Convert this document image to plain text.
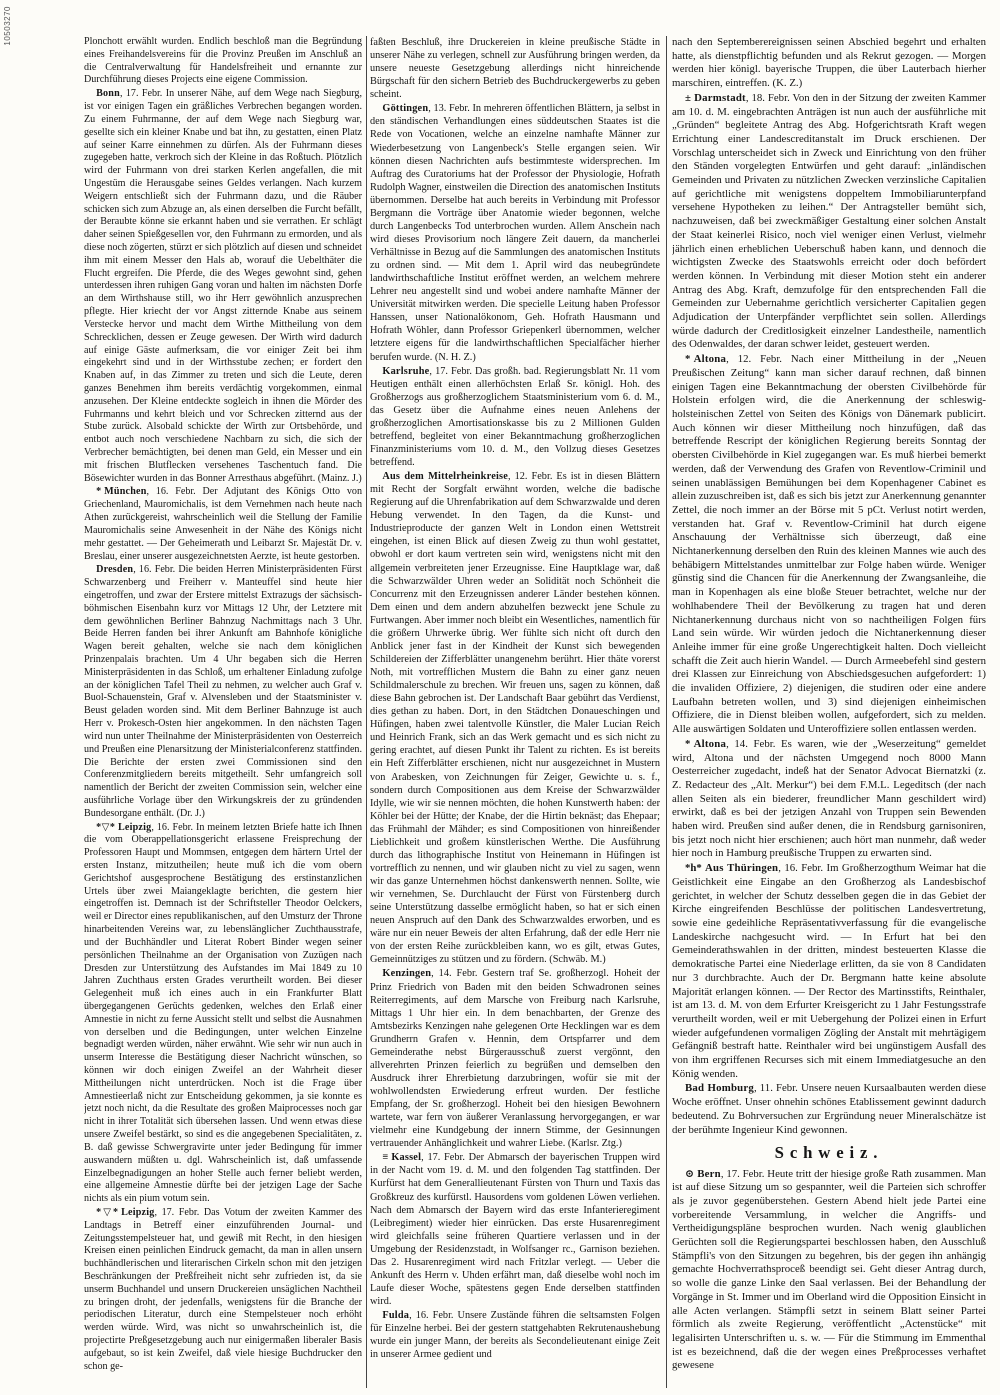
10503270	Plonchott erwählt wurden. Endlich beschloß man die Begründung eines Freihandelsvereins für die Provinz Preußen im Anschluß an die Centralverwaltung für Handelsfreiheit und ernannte zur Durchführung dieses Projects eine eigene Commission.

Bonn, 17. Febr. In unserer Nähe, auf dem Wege nach Siegburg, ist vor einigen Tagen ein gräßliches Verbrechen begangen worden. Zu einem Fuhrmanne, der auf dem Wege nach Siegburg war, gesellte sich ein kleiner Knabe und bat ihn, zu gestatten, einen Platz auf seiner Karre einnehmen zu dürfen. Als der Fuhrmann dieses zugegeben hatte, verkroch sich der Kleine in das Roßtuch. Plötzlich wird der Fuhrmann von drei starken Kerlen angefallen, die mit Ungestüm die Herausgabe seines Geldes verlangen. Nach kurzem Weigern entschließt sich der Fuhrmann dazu, und die Räuber schicken sich zum Abzuge an, als einen derselben die Furcht befällt, der Beraubte könne sie erkannt haben und sie verrathen. Er schlägt daher seinen Spießgesellen vor, den Fuhrmann zu ermorden, und als diese noch zögerten, stürzt er sich plötzlich auf diesen und schneidet ihm mit einem Messer den Hals ab, worauf die Uebelthäter die Flucht ergreifen. Die Pferde, die des Weges gewohnt sind, gehen unterdessen ihren ruhigen Gang voran und halten im nächsten Dorfe an dem Wirthshause still, wo ihr Herr gewöhnlich anzusprechen pflegte. Hier kriecht der vor Angst zitternde Knabe aus seinem Verstecke hervor und macht dem Wirthe Mittheilung von dem Schrecklichen, dessen er Zeuge gewesen. Der Wirth wird dadurch auf einige Gäste aufmerksam, die vor einiger Zeit bei ihm eingekehrt sind und in der Wirthsstube zechen; er fordert den Knaben auf, in das Zimmer zu treten und sich die Leute, deren ganzes Benehmen ihm bereits verdächtig vorgekommen, einmal anzusehen. Der Kleine entdeckte sogleich in ihnen die Mörder des Fuhrmanns und kehrt bleich und vor Schrecken zitternd aus der Stube zurück. Alsobald schickte der Wirth zur Ortsbehörde, und entbot auch noch verschiedene Nachbarn zu sich, die sich der Verbrecher bemächtigten, bei denen man Geld, ein Messer und ein mit frischen Blutflecken versehenes Taschentuch fand. Die Bösewichter wurden in das Bonner Arresthaus abgeführt. (Mainz. J.)

* München, 16. Febr. Der Adjutant des Königs Otto von Griechenland, Mauromichalis, ist dem Vernehmen nach heute nach Athen zurückgereist, wahrscheinlich weil die Stellung der Familie Mauromichalis seine Anwesenheit in der Nähe des Königs nicht mehr gestattet. — Der Geheimerath und Leibarzt Sr. Majestät Dr. v. Breslau, einer unserer ausgezeichnetsten Aerzte, ist heute gestorben.

Dresden, 16. Febr. Die beiden Herren Ministerpräsidenten Fürst Schwarzenberg und Freiherr v. Manteuffel sind heute hier eingetroffen, und zwar der Erstere mittelst Extrazugs der sächsisch-böhmischen Eisenbahn kurz vor Mittags 12 Uhr, der Letztere mit dem gewöhnlichen Berliner Bahnzug Nachmittags nach 3 Uhr. Beide Herren fanden bei ihrer Ankunft am Bahnhofe königliche Wagen bereit gehalten, welche sie nach dem königlichen Prinzenpalais brachten. Um 4 Uhr begaben sich die Herren Ministerpräsidenten in das Schloß, um erhaltener Einladung zufolge an der königlichen Tafel Theil zu nehmen, zu welcher auch Graf v. Buol-Schauenstein, Graf v. Alvensleben und der Staatsminister v. Beust geladen worden sind. Mit dem Berliner Bahnzuge ist auch Herr v. Prokesch-Osten hier angekommen. In den nächsten Tagen wird nun unter Theilnahme der Ministerpräsidenten von Oesterreich und Preußen eine Plenarsitzung der Ministerialconferenz stattfinden. Die Berichte der ersten zwei Commissionen sind den Conferenzmitgliedern bereits mitgetheilt. Sehr umfangreich soll namentlich der Bericht der zweiten Commission sein, welcher eine ausführliche Vorlage über den Wirkungskreis der zu gründenden Bundesorgane enthält. (Dr. J.)

*▽* Leipzig, 16. Febr. In meinem letzten Briefe hatte ich Ihnen die vom Oberappellationsgericht erlassene Freisprechung der Professoren Haupt und Mommsen, entgegen dem härtern Urtel der ersten Instanz, mitzutheilen; heute muß ich die vom obern Gerichtshof ausgesprochene Bestätigung des erstinstanzlichen Urtels über zwei Maiangeklagte berichten, die gestern hier eingetroffen ist. Demnach ist der Schriftsteller Theodor Oelckers, weil er Director eines republikanischen, auf den Umsturz der Throne hinarbeitenden Vereins war, zu lebenslänglicher Zuchthausstrafe, und der Buchhändler und Literat Robert Binder wegen seiner persönlichen Theilnahme an der Organisation von Zuzügen nach Dresden zur Unterstützung des Aufstandes im Mai 1849 zu 10 Jahren Zuchthaus ersten Grades verurtheilt worden. Bei dieser Gelegenheit muß ich eines auch in ein Frankfurter Blatt übergegangenen Gerüchts gedenken, welches den Erlaß einer Amnestie in nicht zu ferne Aussicht stellt und selbst die Ausnahmen von derselben und die Bedingungen, unter welchen Einzelne begnadigt werden würden, näher erwähnt. Wie sehr wir nun auch in unserm Interesse die Bestätigung dieser Nachricht wünschen, so können wir doch einigen Zweifel an der Wahrheit dieser Mittheilungen nicht unterdrücken. Noch ist die Frage über Amnestieerlaß nicht zur Entscheidung gekommen, ja sie konnte es jetzt noch nicht, da die Resultate des großen Maiprocesses noch gar nicht in ihrer Totalität sich übersehen lassen. Und wenn etwas diese unsere Zweifel bestärkt, so sind es die angegebenen Specialitäten, z. B. daß gewisse Schwergravirte unter jeder Bedingung für immer auswandern müßten u. dgl. Wahrscheinlich ist, daß umfassende Einzelbegnadigungen an hoher Stelle auch ferner beliebt werden, eine allgemeine Amnestie dürfte bei der jetzigen Lage der Sache nichts als ein pium votum sein.

*▽* Leipzig, 17. Febr. Das Votum der zweiten Kammer des Landtags in Betreff einer einzuführenden Journal- und Zeitungsstempelsteuer hat, und gewiß mit Recht, in den hiesigen Kreisen einen peinlichen Eindruck gemacht, da man in allen unsern buchhändlerischen und literarischen Cirkeln schon mit den jetzigen Beschränkungen der Preßfreiheit nicht sehr zufrieden ist, da sie unserm Buchhandel und unsern Druckereien unsäglichen Nachtheil zu bringen droht, der jedenfalls, wenigstens für die Branche der periodischen Literatur, durch eine Stempelsteuer noch erhöht werden würde. Wird, was nicht so unwahrscheinlich ist, die projectirte Preßgesetzgebung auch nur einigermaßen liberaler Basis aufgebaut, so ist kein Zweifel, daß viele hiesige Buchdrucker den schon ge-

faßten Beschluß, ihre Druckereien in kleine preußische Städte in unserer Nähe zu verlegen, schnell zur Ausführung bringen werden, da unsere neueste Gesetzgebung allerdings nicht hinreichende Bürgschaft für den sichern Betrieb des Buchdruckergewerbs zu geben scheint.

Göttingen, 13. Febr. In mehreren öffentlichen Blättern, ja selbst in den ständischen Verhandlungen eines süddeutschen Staates ist die Rede von Vocationen, welche an einzelne namhafte Männer zur Wiederbesetzung von Langenbeck's Stelle ergangen seien. Wir können diesen Nachrichten aufs bestimmteste widersprechen. Im Auftrag des Curatoriums hat der Professor der Physiologie, Hofrath Rudolph Wagner, einstweilen die Direction des anatomischen Instituts übernommen. Derselbe hat auch bereits in Verbindung mit Professor Bergmann die Vorträge über Anatomie wieder begonnen, welche durch Langenbecks Tod unterbrochen wurden. Allem Anschein nach wird dieses Provisorium noch längere Zeit dauern, da mancherlei Verhältnisse in Bezug auf die Sammlungen des anatomischen Instituts zu ordnen sind. — Mit dem 1. April wird das neubegründete landwirthschaftliche Institut eröffnet werden, an welchem mehrere Lehrer neu angestellt sind und wobei andere namhafte Männer der Universität mitwirken werden. Die specielle Leitung haben Professor Hanssen, unser Nationalökonom, Geh. Hofrath Hausmann und Hofrath Wöhler, dann Professor Griepenkerl übernommen, welcher letztere eigens für die landwirthschaftlichen Specialfächer hierher berufen wurde. (N. H. Z.)

Karlsruhe, 17. Febr. Das großh. bad. Regierungsblatt Nr. 11 vom Heutigen enthält einen allerhöchsten Erlaß Sr. königl. Hoh. des Großherzogs aus großherzoglichem Staatsministerium vom 6. d. M., das Gesetz über die Aufnahme eines neuen Anlehens der großherzoglichen Amortisationskasse bis zu 2 Millionen Gulden betreffend, begleitet von einer Bekanntmachung großherzoglichen Finanzministeriums vom 10. d. M., den Vollzug dieses Gesetzes betreffend.

Aus dem Mittelrheinkreise, 12. Febr. Es ist in diesen Blättern mit Recht der Sorgfalt erwähnt worden, welche die badische Regierung auf die Uhrenfabrikation auf dem Schwarzwalde und deren Hebung verwendet. In den Tagen, da die Kunst- und Industrieproducte der ganzen Welt in London einen Wettstreit eingehen, ist einen Blick auf diesen Zweig zu thun wohl gestattet, obwohl er dort kaum vertreten sein wird, wenigstens nicht mit den allgemein verbreiteten jener Erzeugnisse. Eine Hauptklage war, daß die Schwarzwälder Uhren weder an Solidität noch Schönheit die Concurrenz mit den Erzeugnissen anderer Länder bestehen können. Dem einen und dem andern abzuhelfen bezweckt jene Schule zu Furtwangen. Aber immer noch bleibt ein Wesentliches, namentlich für die größern Uhrwerke übrig. Wer fühlte sich nicht oft durch den Anblick jener fast in der Kindheit der Kunst sich bewegenden Schildereien der Zifferblätter unangenehm berührt. Hier thäte vorerst Noth, mit vortrefflichen Mustern die Bahn zu einer ganz neuen Schildmalerschule zu brechen. Wir freuen uns, sagen zu können, daß diese Bahn gebrochen ist. Der Landschaft Baar gebührt das Verdienst, dies gethan zu haben. Dort, in den Städtchen Donaueschingen und Hüfingen, haben zwei talentvolle Künstler, die Maler Lucian Reich und Heinrich Frank, sich an das Werk gemacht und es sich nicht zu gering erachtet, auf diesen Punkt ihr Talent zu richten. Es ist bereits ein Heft Zifferblätter erschienen, nicht nur ausgezeichnet in Mustern von Arabesken, von Zeichnungen für Zeiger, Gewichte u. s. f., sondern durch Compositionen aus dem Kreise der Schwarzwälder Idylle, wie wir sie nennen möchten, die hohen Kunstwerth haben: der Köhler bei der Hütte; der Knabe, der die Hirtin beknäst; das Ehepaar; das Frühmahl der Mähder; es sind Compositionen von hinreißender Lieblichkeit und großem künstlerischen Werthe. Die Ausführung durch das lithographische Institut von Heinemann in Hüfingen ist vortrefflich zu nennen, und wir glauben nicht zu viel zu sagen, wenn wir das ganze Unternehmen höchst dankenswerth nennen. Sollte, wie wir vernehmen, Se. Durchlaucht der Fürst von Fürstenberg durch seine Unterstützung dasselbe ermöglicht haben, so hat er sich einen neuen Anspruch auf den Dank des Schwarzwaldes erworben, und es wäre nur ein neuer Beweis der alten Erfahrung, daß der edle Herr nie von der ersten Reihe zurückbleiben kann, wo es gilt, etwas Gutes, Gemeinnütziges zu stützen und zu fördern. (Schwäb. M.)

Kenzingen, 14. Febr. Gestern traf Se. großherzogl. Hoheit der Prinz Friedrich von Baden mit den beiden Schwadronen seines Reiterregiments, auf dem Marsche von Freiburg nach Karlsruhe, Mittags 1 Uhr hier ein. In dem benachbarten, der Grenze des Amtsbezirks Kenzingen nahe gelegenen Orte Hecklingen war es dem Grundherrn Grafen v. Hennin, dem Ortspfarrer und dem Gemeinderathe nebst Bürgerausschuß zuerst vergönnt, den allverehrten Prinzen feierlich zu begrüßen und demselben den Ausdruck ihrer Ehrerbietung darzubringen, wofür sie mit der wohlwollendsten Erwiederung erfreut wurden. Der festliche Empfang, der Sr. großherzogl. Hoheit bei den hiesigen Bewohnern wartete, war fern von äußerer Veranlassung hervorgegangen, er war vielmehr eine Kundgebung der innern Stimme, der Gesinnungen vertrauender Anhänglichkeit und wahrer Liebe. (Karlsr. Ztg.)

≡ Kassel, 17. Febr. Der Abmarsch der bayerischen Truppen wird in der Nacht vom 19. d. M. und den folgenden Tag stattfinden. Der Kurfürst hat dem Generallieutenant Fürsten von Thurn und Taxis das Großkreuz des kurfürstl. Hausordens vom goldenen Löwen verliehen. Nach dem Abmarsch der Bayern wird das erste Infanterieregiment (Leibregiment) wieder hier einrücken. Das erste Husarenregiment wird gleichfalls seine früheren Quartiere verlassen und in der Umgebung der Residenzstadt, in Wolfsanger rc., Garnison beziehen. Das 2. Husarenregiment wird nach Fritzlar verlegt. — Ueber die Ankunft des Herrn v. Uhden erfährt man, daß dieselbe wohl noch im Laufe dieser Woche, spätestens gegen Ende derselben stattfinden wird.

Fulda, 16. Febr. Unsere Zustände führen die seltsamsten Folgen für Einzelne herbei. Bei der gestern stattgehabten Rekrutenaushebung wurde ein junger Mann, der bereits als Secondelieutenant einige Zeit in unserer Armee gedient und

nach den Septemberereignissen seinen Abschied begehrt und erhalten hatte, als dienstpflichtig befunden und als Rekrut gezogen. — Morgen werden hier königl. bayerische Truppen, die über Lauterbach hierher marschiren, eintreffen. (K. Z.)

± Darmstadt, 18. Febr. Von den in der Sitzung der zweiten Kammer am 10. d. M. eingebrachten Anträgen ist nun auch der ausführliche mit „Gründen“ begleitete Antrag des Abg. Hofgerichtsrath Kraft wegen Errichtung einer Landescreditanstalt im Druck erschienen. Der Vorschlag unterscheidet sich in Zweck und Einrichtung von den früher den Ständen vorgelegten Entwürfen und geht darauf: „inländischen Gemeinden und Privaten zu nützlichen Zwecken verzinsliche Capitalien auf gerichtliche mit wenigstens doppeltem Immobiliarunterpfand versehene Hypotheken zu leihen.“ Der Antragsteller bemüht sich, nachzuweisen, daß bei zweckmäßiger Gestaltung einer solchen Anstalt der Staat keinerlei Risico, noch viel weniger einen Verlust, vielmehr jährlich einen erheblichen Ueberschuß haben kann, und dennoch die wichtigsten Zwecke des Staatswohls erreicht oder doch befördert werden können. In Verbindung mit dieser Motion steht ein anderer Antrag des Abg. Kraft, demzufolge für den entsprechenden Fall die Gemeinden zur Uebernahme gerichtlich versicherter Capitalien gegen Adjudication der Unterpfänder verpflichtet sein sollen. Allerdings würde dadurch der Creditlosigkeit einzelner Landestheile, namentlich des Odenwaldes, der daran schwer leidet, gesteuert werden.

* Altona, 12. Febr. Nach einer Mittheilung in der „Neuen Preußischen Zeitung“ kann man sicher darauf rechnen, daß binnen einigen Tagen eine Bekanntmachung der obersten Civilbehörde für Holstein erfolgen wird, die die Anerkennung der schleswig-holsteinischen Zettel von Seiten des Königs von Dänemark publicirt. Auch können wir dieser Mittheilung noch hinzufügen, daß das betreffende Rescript der königlichen Regierung bereits Sonntag der obersten Civilbehörde in Kiel zugegangen war. Es muß hierbei bemerkt werden, daß der Verwendung des Grafen von Reventlow-Criminil und seinen unablässigen Bemühungen bei dem Kopenhagener Cabinet es allein zuzuschreiben ist, daß es sich bis jetzt zur Anerkennung genannter Zettel, die noch immer an der Börse mit 5 pCt. Verlust notirt werden, verstanden hat. Graf v. Reventlow-Criminil hat durch eigene Anschauung der Verhältnisse sich überzeugt, daß eine Nichtanerkennung derselben den Ruin des kleinen Mannes wie auch des behäbigern Mittelstandes unmittelbar zur Folge haben würde. Weniger günstig sind die Chancen für die Anerkennung der Zwangsanleihe, die man in Kopenhagen als eine bloße Steuer betrachtet, welche nur der wohlhabendere Theil der Bevölkerung zu tragen hat und deren Nichtanerkennung durchaus nicht von so nachtheiligen Folgen fürs Land sein würde. Wir würden jedoch die Nichtanerkennung dieser Anleihe immer für eine große Ungerechtigkeit halten. Doch vielleicht schafft die Zeit auch hierin Wandel. — Durch Armeebefehl sind gestern drei Klassen zur Einreichung von Abschiedsgesuchen aufgefordert: 1) die invaliden Offiziere, 2) diejenigen, die studiren oder eine andere Laufbahn betreten wollen, und 3) sind diejenigen einheimischen Offiziere, die in Dienst bleiben wollen, aufgefordert, sich zu melden. Alle auswärtigen Soldaten und Unteroffiziere sollen entlassen werden.

* Altona, 14. Febr. Es waren, wie der „Weserzeitung“ gemeldet wird, Altona und der nächsten Umgegend noch 8000 Mann Oesterreicher zugedacht, indeß hat der Senator Advocat Biernatzki (z. Z. Redacteur des „Alt. Merkur“) bei dem F.M.L. Legeditsch (der nach allen Seiten als ein biederer, freundlicher Mann geschildert wird) erwirkt, daß es bei der jetzigen Anzahl von Truppen sein Bewenden haben wird. Preußen sind außer denen, die in Rendsburg garnisoniren, bis jetzt noch nicht hier erschienen; auch hört man nunmehr, daß weder hier noch in Hamburg preußische Truppen zu erwarten sind.

*h* Aus Thüringen, 16. Febr. Im Großherzogthum Weimar hat die Geistlichkeit eine Eingabe an den Großherzog als Landesbischof gerichtet, in welcher der Schutz desselben gegen die in das Gebiet der Kirche eingreifenden Beschlüsse der politischen Landesvertretung, sowie eine gedeihliche Repräsentativverfassung für die evangelische Landeskirche nachgesucht wird. — In Erfurt hat bei den Gemeinderathswahlen in der dritten, mindest besteuerten Klasse die demokratische Partei eine Niederlage erlitten, da sie von 8 Candidaten nur 3 durchbrachte. Auch der Dr. Bergmann hatte keine absolute Majorität erlangen können. — Der Rector des Martinsstifts, Reinthaler, ist am 13. d. M. von dem Erfurter Kreisgericht zu 1 Jahr Festungsstrafe verurtheilt worden, weil er mit Uebergehung der Polizei einen in Erfurt wieder aufgefundenen vormaligen Zögling der Anstalt mit mehrtägigem Gefängniß bestraft hatte. Reinthaler wird bei ungünstigem Ausfall des von ihm ergriffenen Recurses sich mit einem Immediatgesuche an den König wenden.

Bad Homburg, 11. Febr. Unsere neuen Kursaalbauten werden diese Woche eröffnet. Unser ohnehin schönes Etablissement gewinnt dadurch bedeutend. Zu Bohrversuchen zur Ergründung neuer Mineralschätze ist der berühmte Ingenieur Kind gewonnen.

Schweiz.

⊙ Bern, 17. Febr. Heute tritt der hiesige große Rath zusammen. Man ist auf diese Sitzung um so gespannter, weil die Parteien sich schroffer als je zuvor gegenüberstehen. Gestern Abend hielt jede Partei eine vorbereitende Versammlung, in welcher die Angriffs- und Vertheidigungspläne besprochen wurden. Nach wenig glaublichen Gerüchten soll die Regierungspartei beschlossen haben, den Ausschluß Stämpfli's von den Sitzungen zu begehren, bis der gegen ihn anhängig gemachte Hochverrathsproceß beendigt sei. Geht dieser Antrag durch, so wolle die ganze Linke den Saal verlassen. Bei der Behandlung der Vorgänge in St. Immer und im Oberland wird die Opposition Einsicht in alle Acten verlangen. Stämpfli setzt in seinem Blatt seiner Partei förmlich als zweite Regierung, veröffentlicht „Actenstücke“ mit legalisirten Unterschriften u. s. w. — Für die Stimmung im Emmenthal ist es bezeichnend, daß die der wegen eines Preßprocesses verhaftet gewesene
